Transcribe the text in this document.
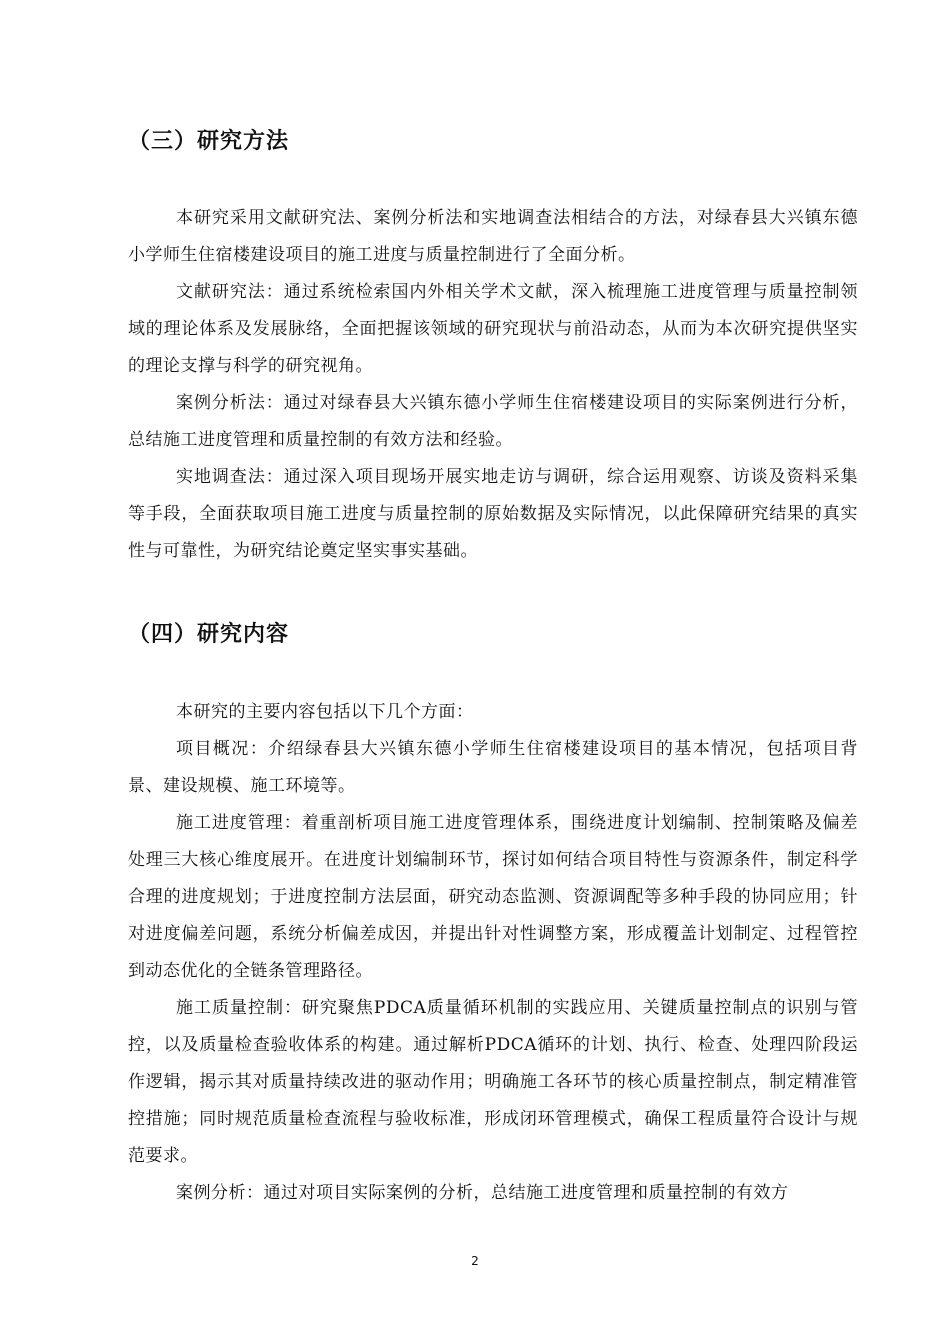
（三）研究方法

本研究采用文献研究法、案例分析法和实地调查法相结合的方法，对绿春县大兴镇东德小学师生住宿楼建设项目的施工进度与质量控制进行了全面分析。

文献研究法：通过系统检索国内外相关学术文献，深入梳理施工进度管理与质量控制领域的理论体系及发展脉络，全面把握该领域的研究现状与前沿动态，从而为本次研究提供坚实的理论支撑与科学的研究视角。

案例分析法：通过对绿春县大兴镇东德小学师生住宿楼建设项目的实际案例进行分析，总结施工进度管理和质量控制的有效方法和经验。

实地调查法：通过深入项目现场开展实地走访与调研，综合运用观察、访谈及资料采集等手段，全面获取项目施工进度与质量控制的原始数据及实际情况，以此保障研究结果的真实性与可靠性，为研究结论奠定坚实事实基础。

（四）研究内容

本研究的主要内容包括以下几个方面：

项目概况：介绍绿春县大兴镇东德小学师生住宿楼建设项目的基本情况，包括项目背景、建设规模、施工环境等。

施工进度管理：着重剖析项目施工进度管理体系，围绕进度计划编制、控制策略及偏差处理三大核心维度展开。在进度计划编制环节，探讨如何结合项目特性与资源条件，制定科学合理的进度规划；于进度控制方法层面，研究动态监测、资源调配等多种手段的协同应用；针对进度偏差问题，系统分析偏差成因，并提出针对性调整方案，形成覆盖计划制定、过程管控到动态优化的全链条管理路径。

施工质量控制：研究聚焦PDCA质量循环机制的实践应用、关键质量控制点的识别与管控，以及质量检查验收体系的构建。通过解析PDCA循环的计划、执行、检查、处理四阶段运作逻辑，揭示其对质量持续改进的驱动作用；明确施工各环节的核心质量控制点，制定精准管控措施；同时规范质量检查流程与验收标准，形成闭环管理模式，确保工程质量符合设计与规范要求。

案例分析：通过对项目实际案例的分析，总结施工进度管理和质量控制的有效方

2
